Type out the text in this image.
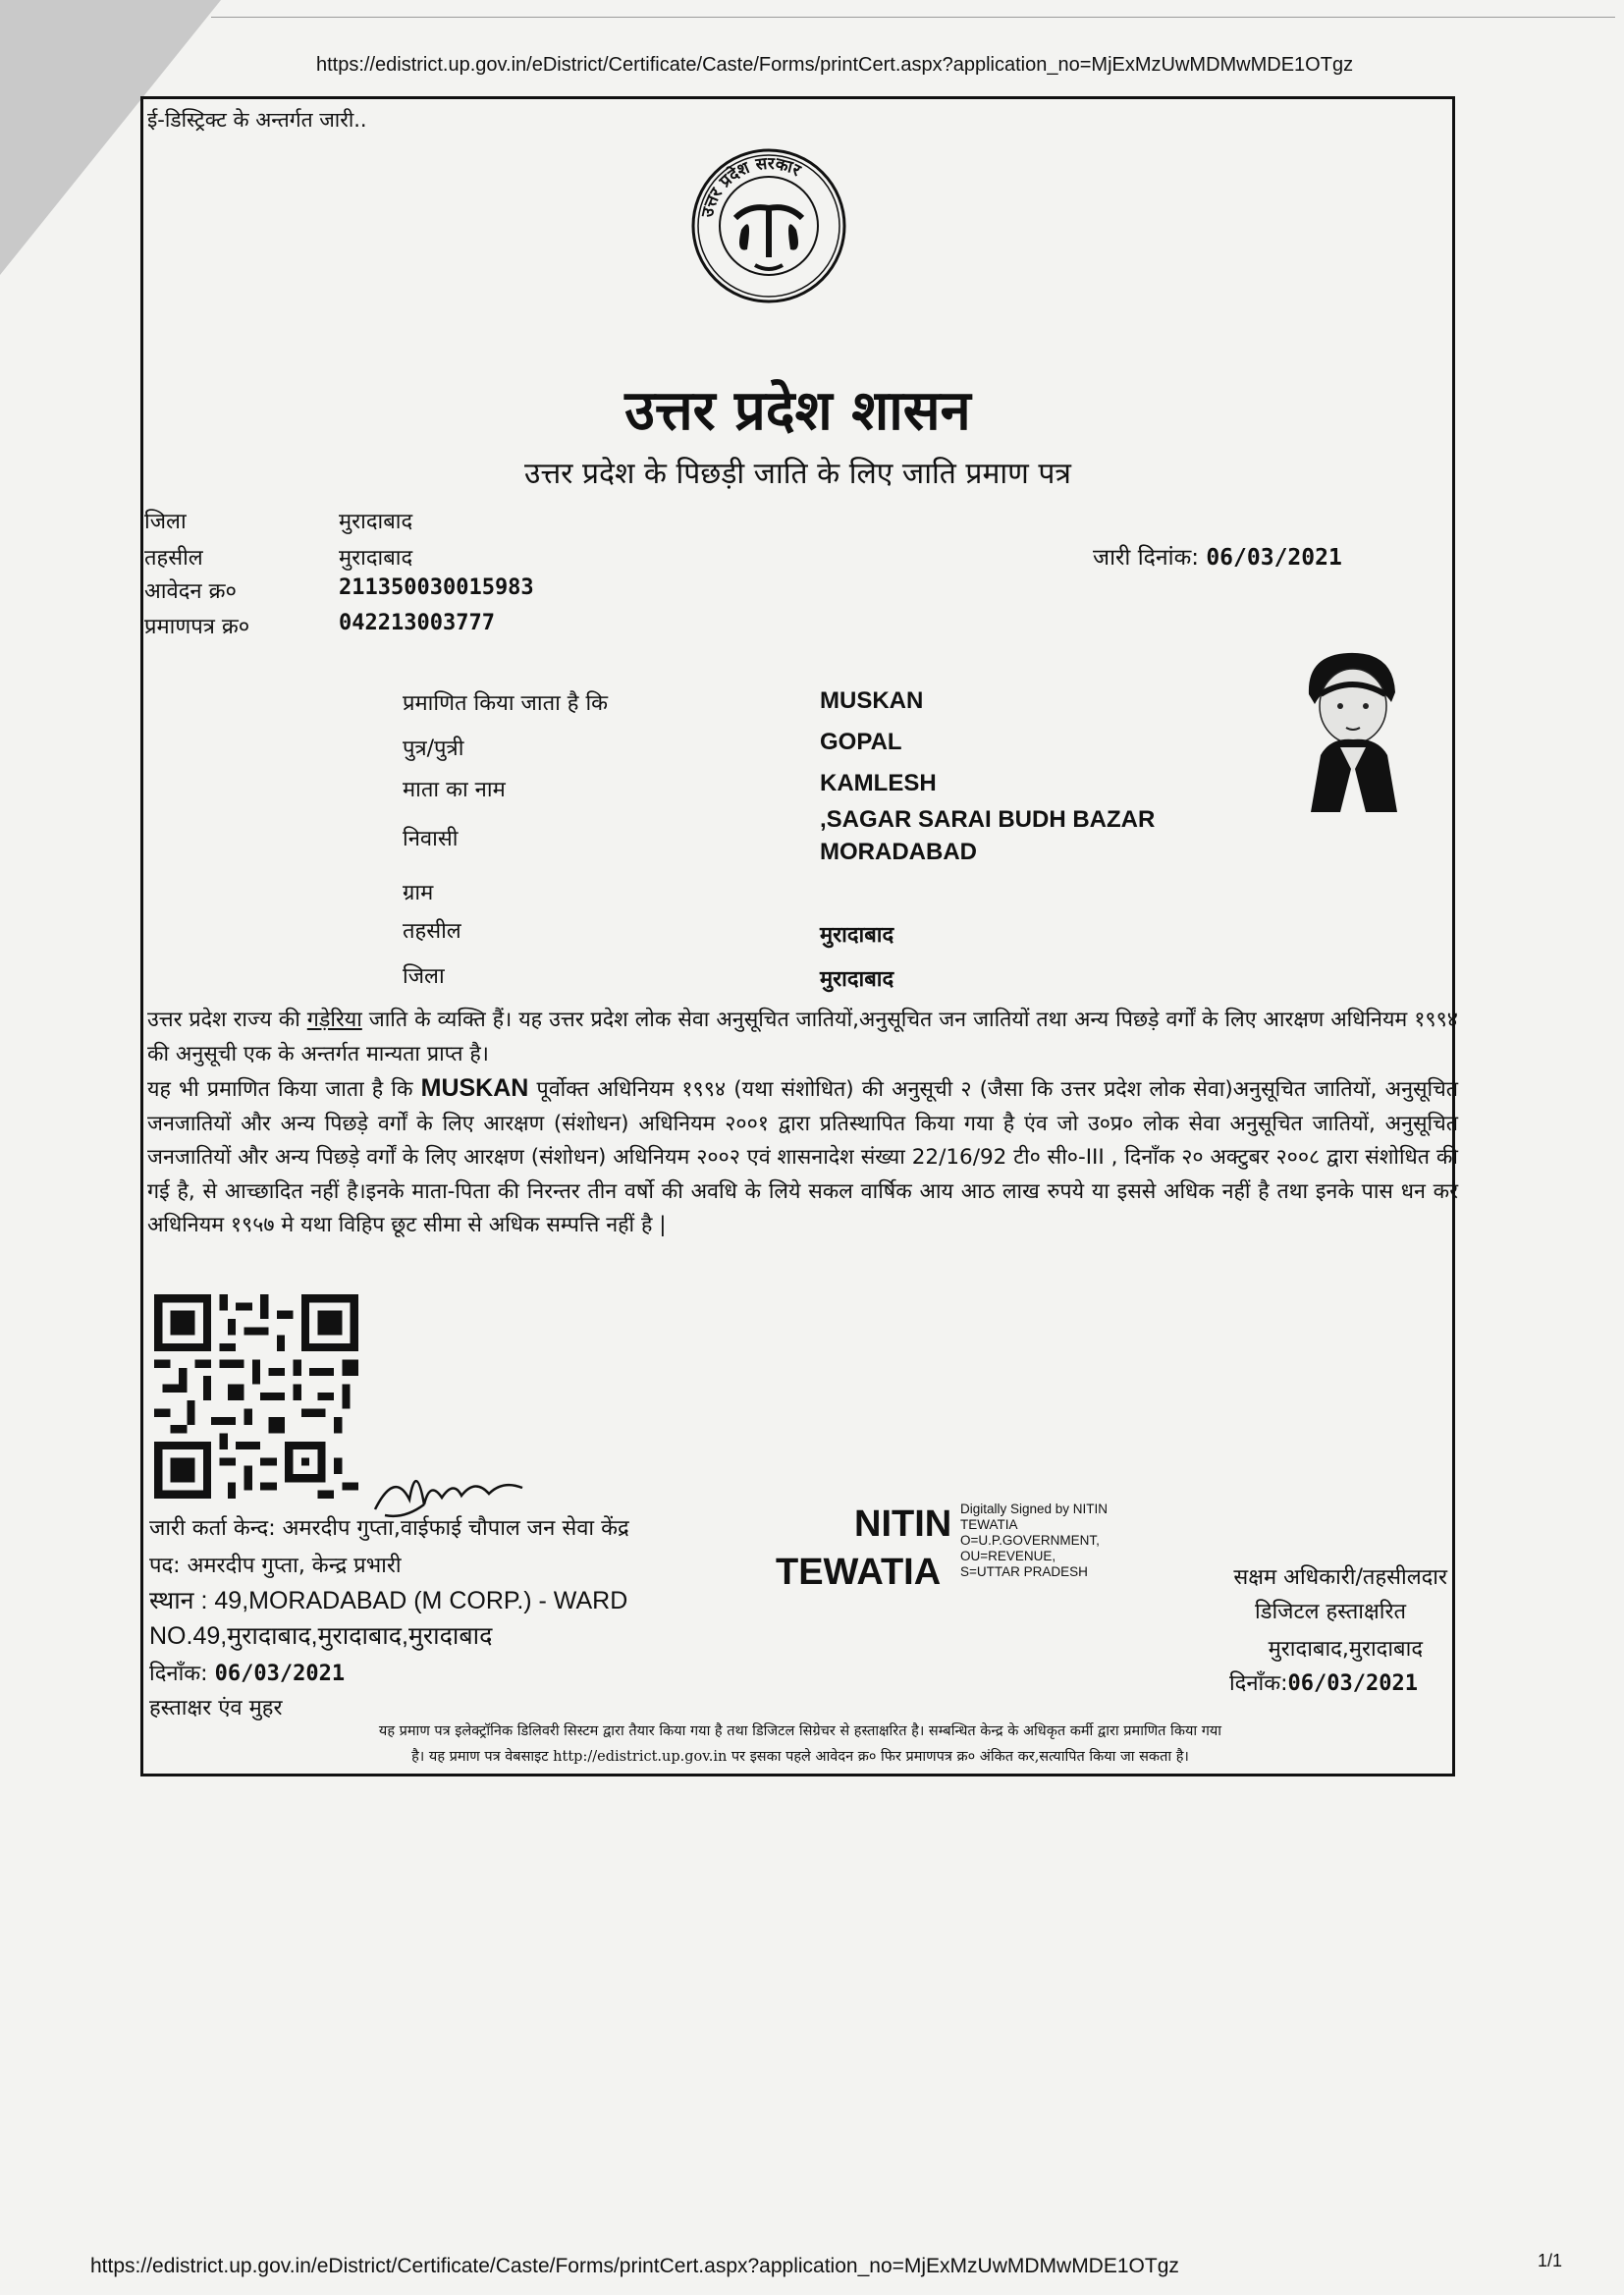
https://edistrict.up.gov.in/eDistrict/Certificate/Caste/Forms/printCert.aspx?application_no=MjExMzUwMDMwMDE1OTgz
ई-डिस्ट्रिक्ट के अन्तर्गत जारी..
उत्तर प्रदेश सरकार
उत्तर प्रदेश शासन
उत्तर प्रदेश के पिछड़ी जाति के लिए जाति प्रमाण पत्र
जिला	मुरादाबाद
तहसील	मुरादाबाद
आवेदन क्र०	211350030015983
प्रमाणपत्र क्र०	042213003777
जारी दिनांक: 06/03/2021
प्रमाणित किया जाता है कि	MUSKAN
पुत्र/पुत्री	GOPAL
माता का नाम	KAMLESH
निवासी
,SAGAR SARAI BUDH BAZAR
MORADABAD
ग्राम
तहसील	मुरादाबाद
जिला	मुरादाबाद
उत्तर प्रदेश राज्य की गड़ेरिया जाति के व्यक्ति हैं। यह उत्तर प्रदेश लोक सेवा अनुसूचित जातियों,अनुसूचित जन जातियों तथा अन्य पिछड़े वर्गों के लिए आरक्षण अधिनियम १९९४ की अनुसूची एक के अन्तर्गत मान्यता प्राप्त है।
यह भी प्रमाणित किया जाता है कि MUSKAN पूर्वोक्त अधिनियम १९९४ (यथा संशोधित) की अनुसूची २ (जैसा कि उत्तर प्रदेश लोक सेवा)अनुसूचित जातियों, अनुसूचित जनजातियों और अन्य पिछड़े वर्गों के लिए आरक्षण (संशोधन) अधिनियम २००१ द्वारा प्रतिस्थापित किया गया है एंव जो उ०प्र० लोक सेवा अनुसूचित जातियों, अनुसूचित जनजातियों और अन्य पिछड़े वर्गों के लिए आरक्षण (संशोधन) अधिनियम २००२ एवं शासनादेश संख्या 22/16/92 टी० सी०-III , दिनाँक २० अक्टुबर २००८ द्वारा संशोधित की गई है, से आच्छादित नहीं है।इनके माता-पिता की निरन्तर तीन वर्षो की अवधि के लिये सकल वार्षिक आय आठ लाख रुपये या इससे अधिक नहीं है तथा इनके पास धन कर अधिनियम १९५७ मे यथा विहिप छूट सीमा से अधिक सम्पत्ति नहीं है |
जारी कर्ता केन्द: अमरदीप गुप्ता,वाईफाई चौपाल जन सेवा केंद्र
पद: अमरदीप गुप्ता, केन्द्र प्रभारी
स्थान : 49,MORADABAD (M CORP.) - WARD
NO.49,मुरादाबाद,मुरादाबाद,मुरादाबाद
दिनाँक: 06/03/2021
हस्ताक्षर एंव मुहर
NITIN
TEWATIA
Digitally Signed by NITIN
TEWATIA
O=U.P.GOVERNMENT,
OU=REVENUE,
S=UTTAR PRADESH	सक्षम अधिकारी/तहसीलदार
डिजिटल हस्ताक्षरित
मुरादाबाद,मुरादाबाद
दिनाँक:06/03/2021
यह प्रमाण पत्र इलेक्ट्रॉनिक डिलिवरी सिस्टम द्वारा तैयार किया गया है तथा डिजिटल सिग्रेचर से हस्ताक्षरित है। सम्बन्धित केन्द्र के अधिकृत कर्मी द्वारा प्रमाणित किया गया
है। यह प्रमाण पत्र वेबसाइट http://edistrict.up.gov.in पर इसका पहले आवेदन क्र० फिर प्रमाणपत्र क्र० अंकित कर,सत्यापित किया जा सकता है।
https://edistrict.up.gov.in/eDistrict/Certificate/Caste/Forms/printCert.aspx?application_no=MjExMzUwMDMwMDE1OTgz	1/1
